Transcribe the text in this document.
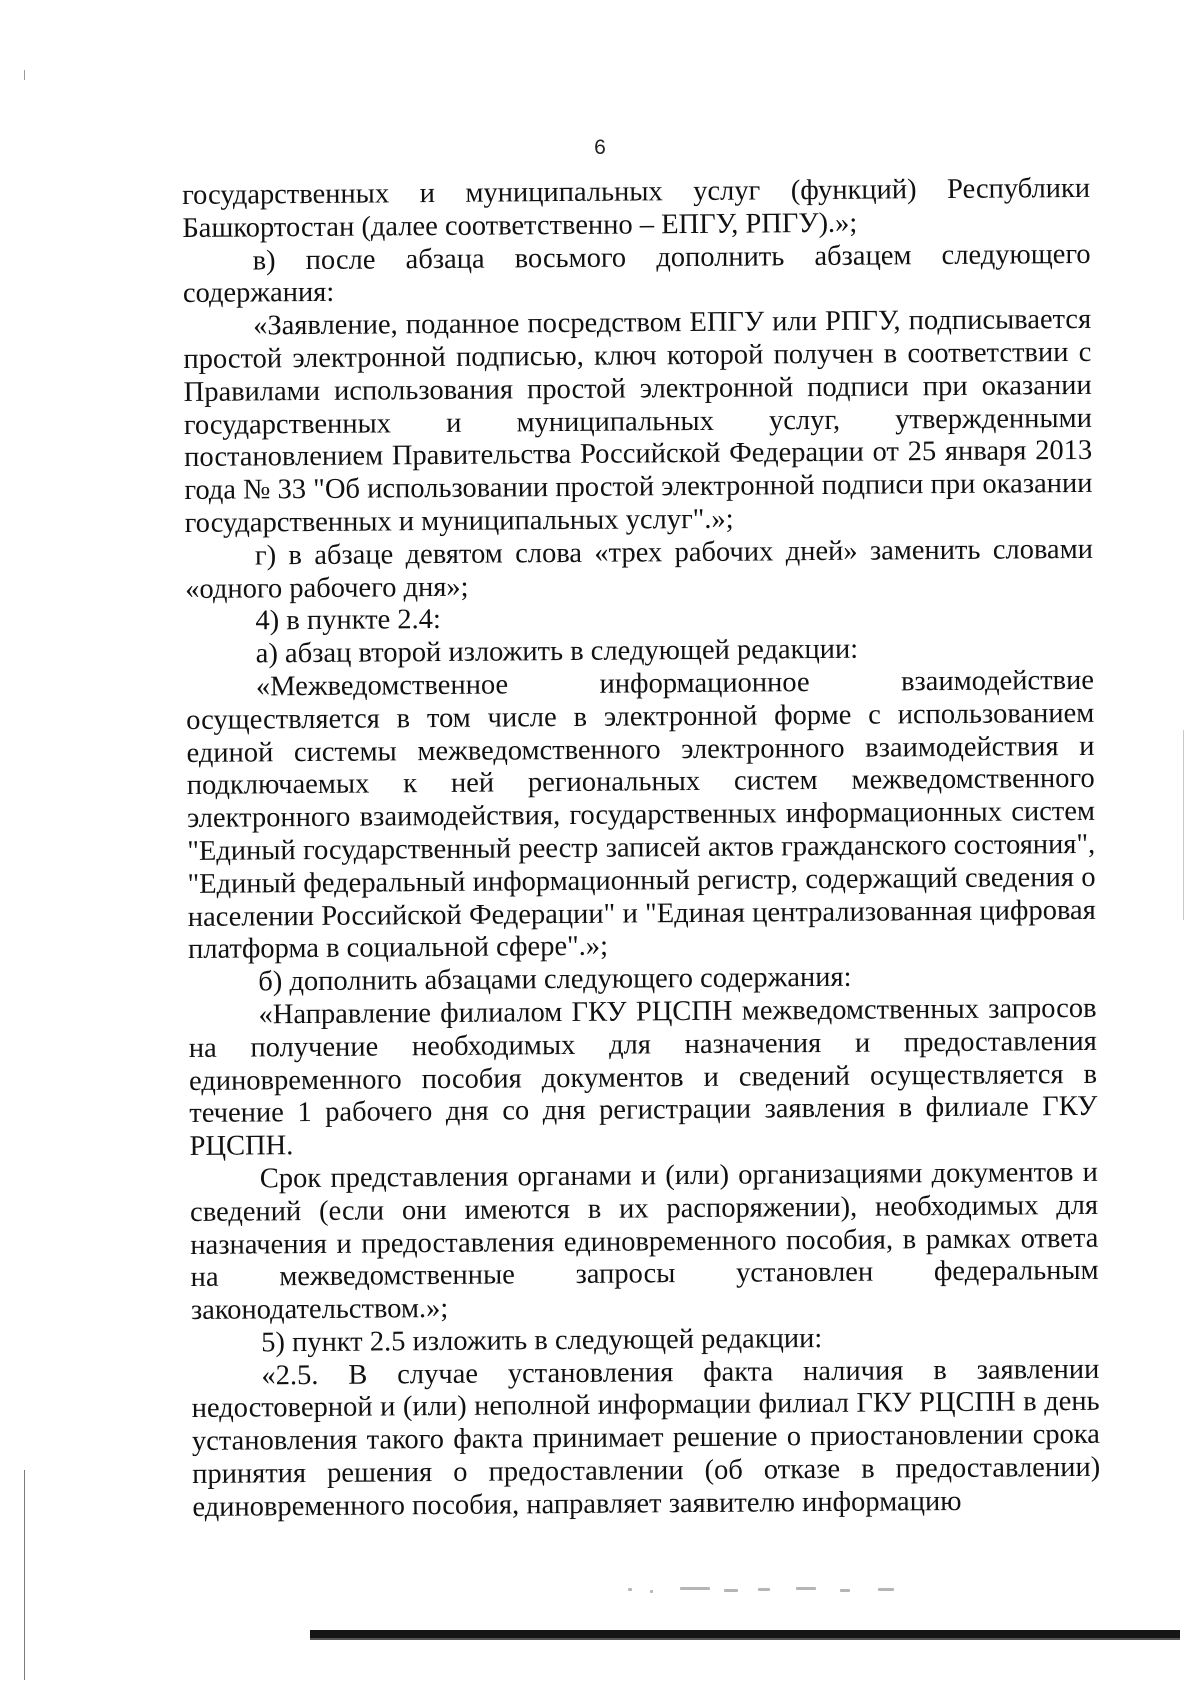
6

государственных и муниципальных услуг (функций) Республики Башкортостан (далее соответственно – ЕПГУ, РПГУ).»;

в) после абзаца восьмого дополнить абзацем следующего содержания:

«Заявление, поданное посредством ЕПГУ или РПГУ, подписывается простой электронной подписью, ключ которой получен в соответствии с Правилами использования простой электронной подписи при оказании государственных и муниципальных услуг, утвержденными постановлением Правительства Российской Федерации от 25 января 2013 года № 33 "Об использовании простой электронной подписи при оказании государственных и муниципальных услуг".»;

г) в абзаце девятом слова «трех рабочих дней» заменить словами «одного рабочего дня»;

4) в пункте 2.4:

а) абзац второй изложить в следующей редакции:

«Межведомственное информационное взаимодействие осуществляется в том числе в электронной форме с использованием единой системы межведомственного электронного взаимодействия и подключаемых к ней региональных систем межведомственного электронного взаимодействия, государственных информационных систем "Единый государственный реестр записей актов гражданского состояния", "Единый федеральный информационный регистр, содержащий сведения о населении Российской Федерации" и "Единая централизованная цифровая платформа в социальной сфере".»;

б) дополнить абзацами следующего содержания:

«Направление филиалом ГКУ РЦСПН межведомственных запросов на получение необходимых для назначения и предоставления единовременного пособия документов и сведений осуществляется в течение 1 рабочего дня со дня регистрации заявления в филиале ГКУ РЦСПН.

Срок представления органами и (или) организациями документов и сведений (если они имеются в их распоряжении), необходимых для назначения и предоставления единовременного пособия, в рамках ответа на межведомственные запросы установлен федеральным законодательством.»;

5) пункт 2.5 изложить в следующей редакции:

«2.5. В случае установления факта наличия в заявлении недостоверной и (или) неполной информации филиал ГКУ РЦСПН в день установления такого факта принимает решение о приостановлении срока принятия решения о предоставлении (об отказе в предоставлении) единовременного пособия, направляет заявителю информацию
